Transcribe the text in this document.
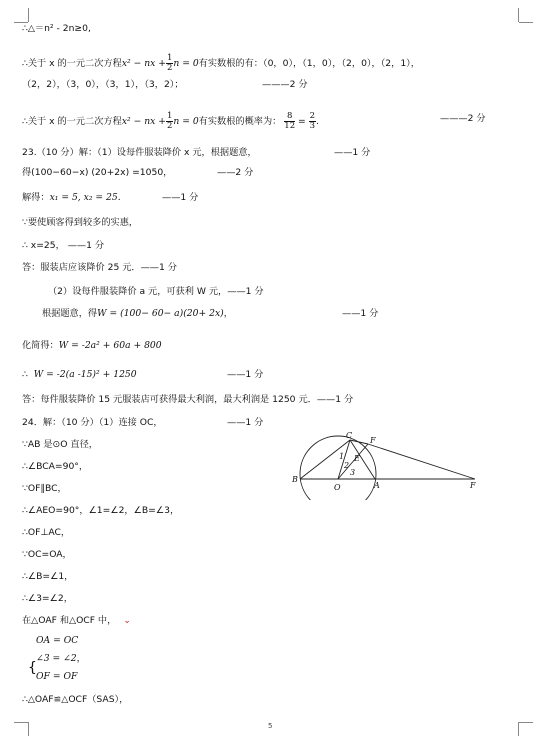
∴△＝n² - 2n≥0,
∴关于 x 的一元二次方程x² − nx + $\frac{1}{2}$ n = 0有实数根的有：（0，0），（1，0），（2，0），（2，1），
（2，2），（3，0），（3，1），（3，2）；	———2 分
∴关于 x 的一元二次方程x² − nx + $\frac{1}{2}$ n = 0有实数根的概率为： $\frac{8}{12} = \frac{2}{3}$ .	———2 分
23.（10 分）解：（1）设每件服装降价 x 元，根据题意，	——1 分
得(100−60−x) (20+2x) =1050，	——2 分
解得：x₁ = 5, x₂ = 25.	——1 分
∵要使顾客得到较多的实惠，
∴ x=25， ——1 分
答：服装店应该降价 25 元．——1 分
（2）设每件服装降价 a 元，可获利 W 元，——1 分
根据题意，得W = (100− 60− a)(20+ 2x)，	——1 分
化简得：W = -2a² + 60a + 800
∴ W = -2(a -15)² + 1250	——1 分
答：每件服装降价 15 元服装店可获得最大利润，最大利润是 1250 元．——1 分
24．解：（10 分）（1）连接 OC，	——1 分
∵AB 是⊙O 直径，
∴∠BCA=90°，
∵OF∥BC，
∴∠AEO=90°，∠1=∠2，∠B=∠3，
∴OF⊥AC，
∵OC=OA，
∴∠B=∠1，
∴∠3=∠2，
在△OAF 和△OCF 中， ⌄
{
OA = OC
∠3 = ∠2，
OF = OF
∴△OAF≌△OCF（SAS），
C
F
B
O	A	F
E
1
2
3
5
